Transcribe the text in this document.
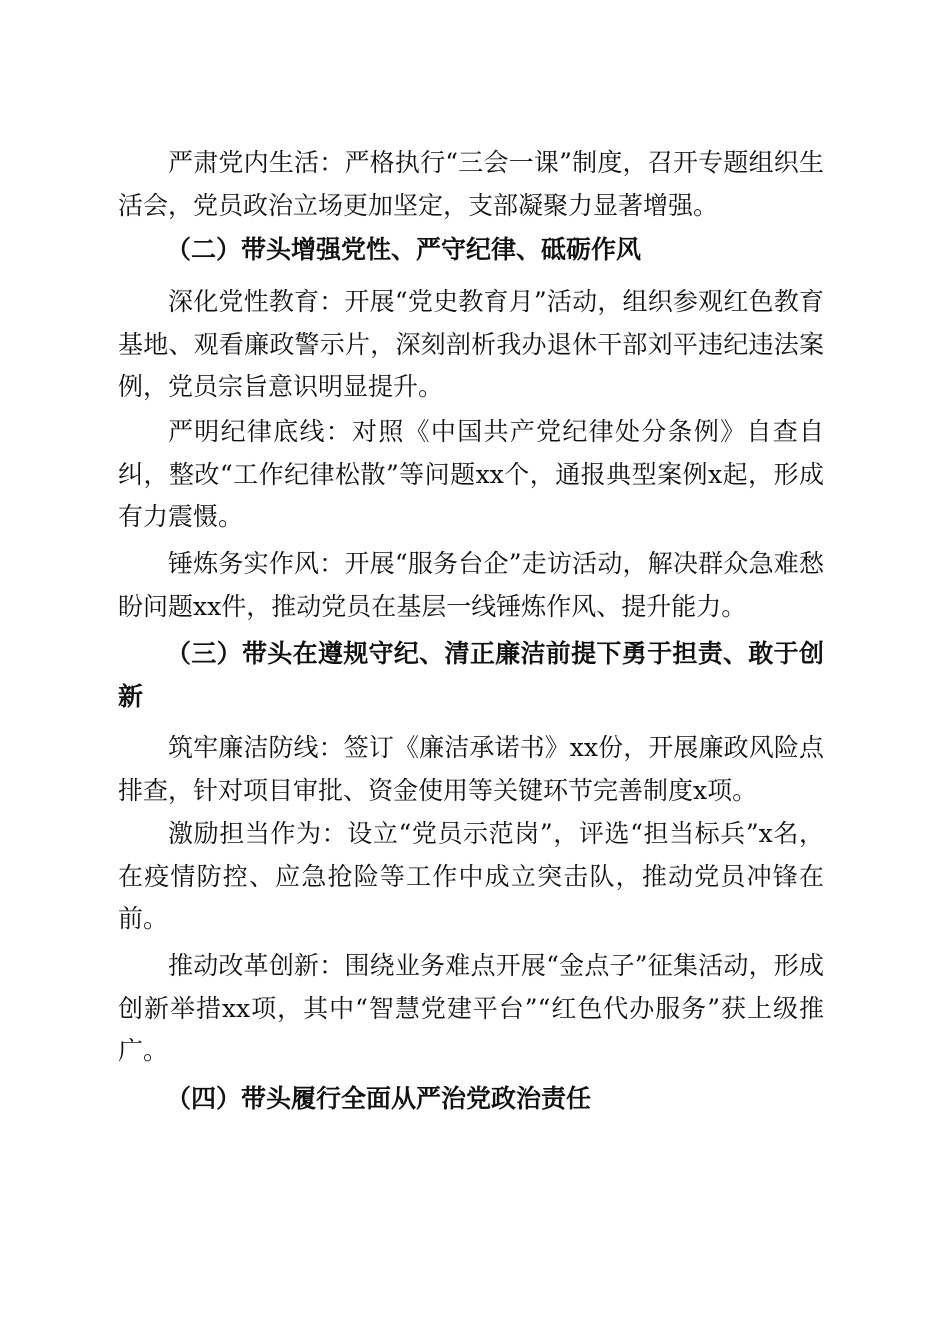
严肃党内生活：严格执行“三会一课”制度，召开专题组织生活会，党员政治立场更加坚定，支部凝聚力显著增强。

（二）带头增强党性、严守纪律、砥砺作风

深化党性教育：开展“党史教育月”活动，组织参观红色教育基地、观看廉政警示片，深刻剖析我办退休干部刘平违纪违法案例，党员宗旨意识明显提升。

严明纪律底线：对照《中国共产党纪律处分条例》自查自纠，整改“工作纪律松散”等问题xx个，通报典型案例x起，形成有力震慑。

锤炼务实作风：开展“服务台企”走访活动，解决群众急难愁盼问题xx件，推动党员在基层一线锤炼作风、提升能力。

（三）带头在遵规守纪、清正廉洁前提下勇于担责、敢于创新

筑牢廉洁防线：签订《廉洁承诺书》xx份，开展廉政风险点排查，针对项目审批、资金使用等关键环节完善制度x项。

激励担当作为：设立“党员示范岗”，评选“担当标兵”x名，在疫情防控、应急抢险等工作中成立突击队，推动党员冲锋在前。

推动改革创新：围绕业务难点开展“金点子”征集活动，形成创新举措xx项，其中“智慧党建平台”“红色代办服务”获上级推广。

（四）带头履行全面从严治党政治责任
